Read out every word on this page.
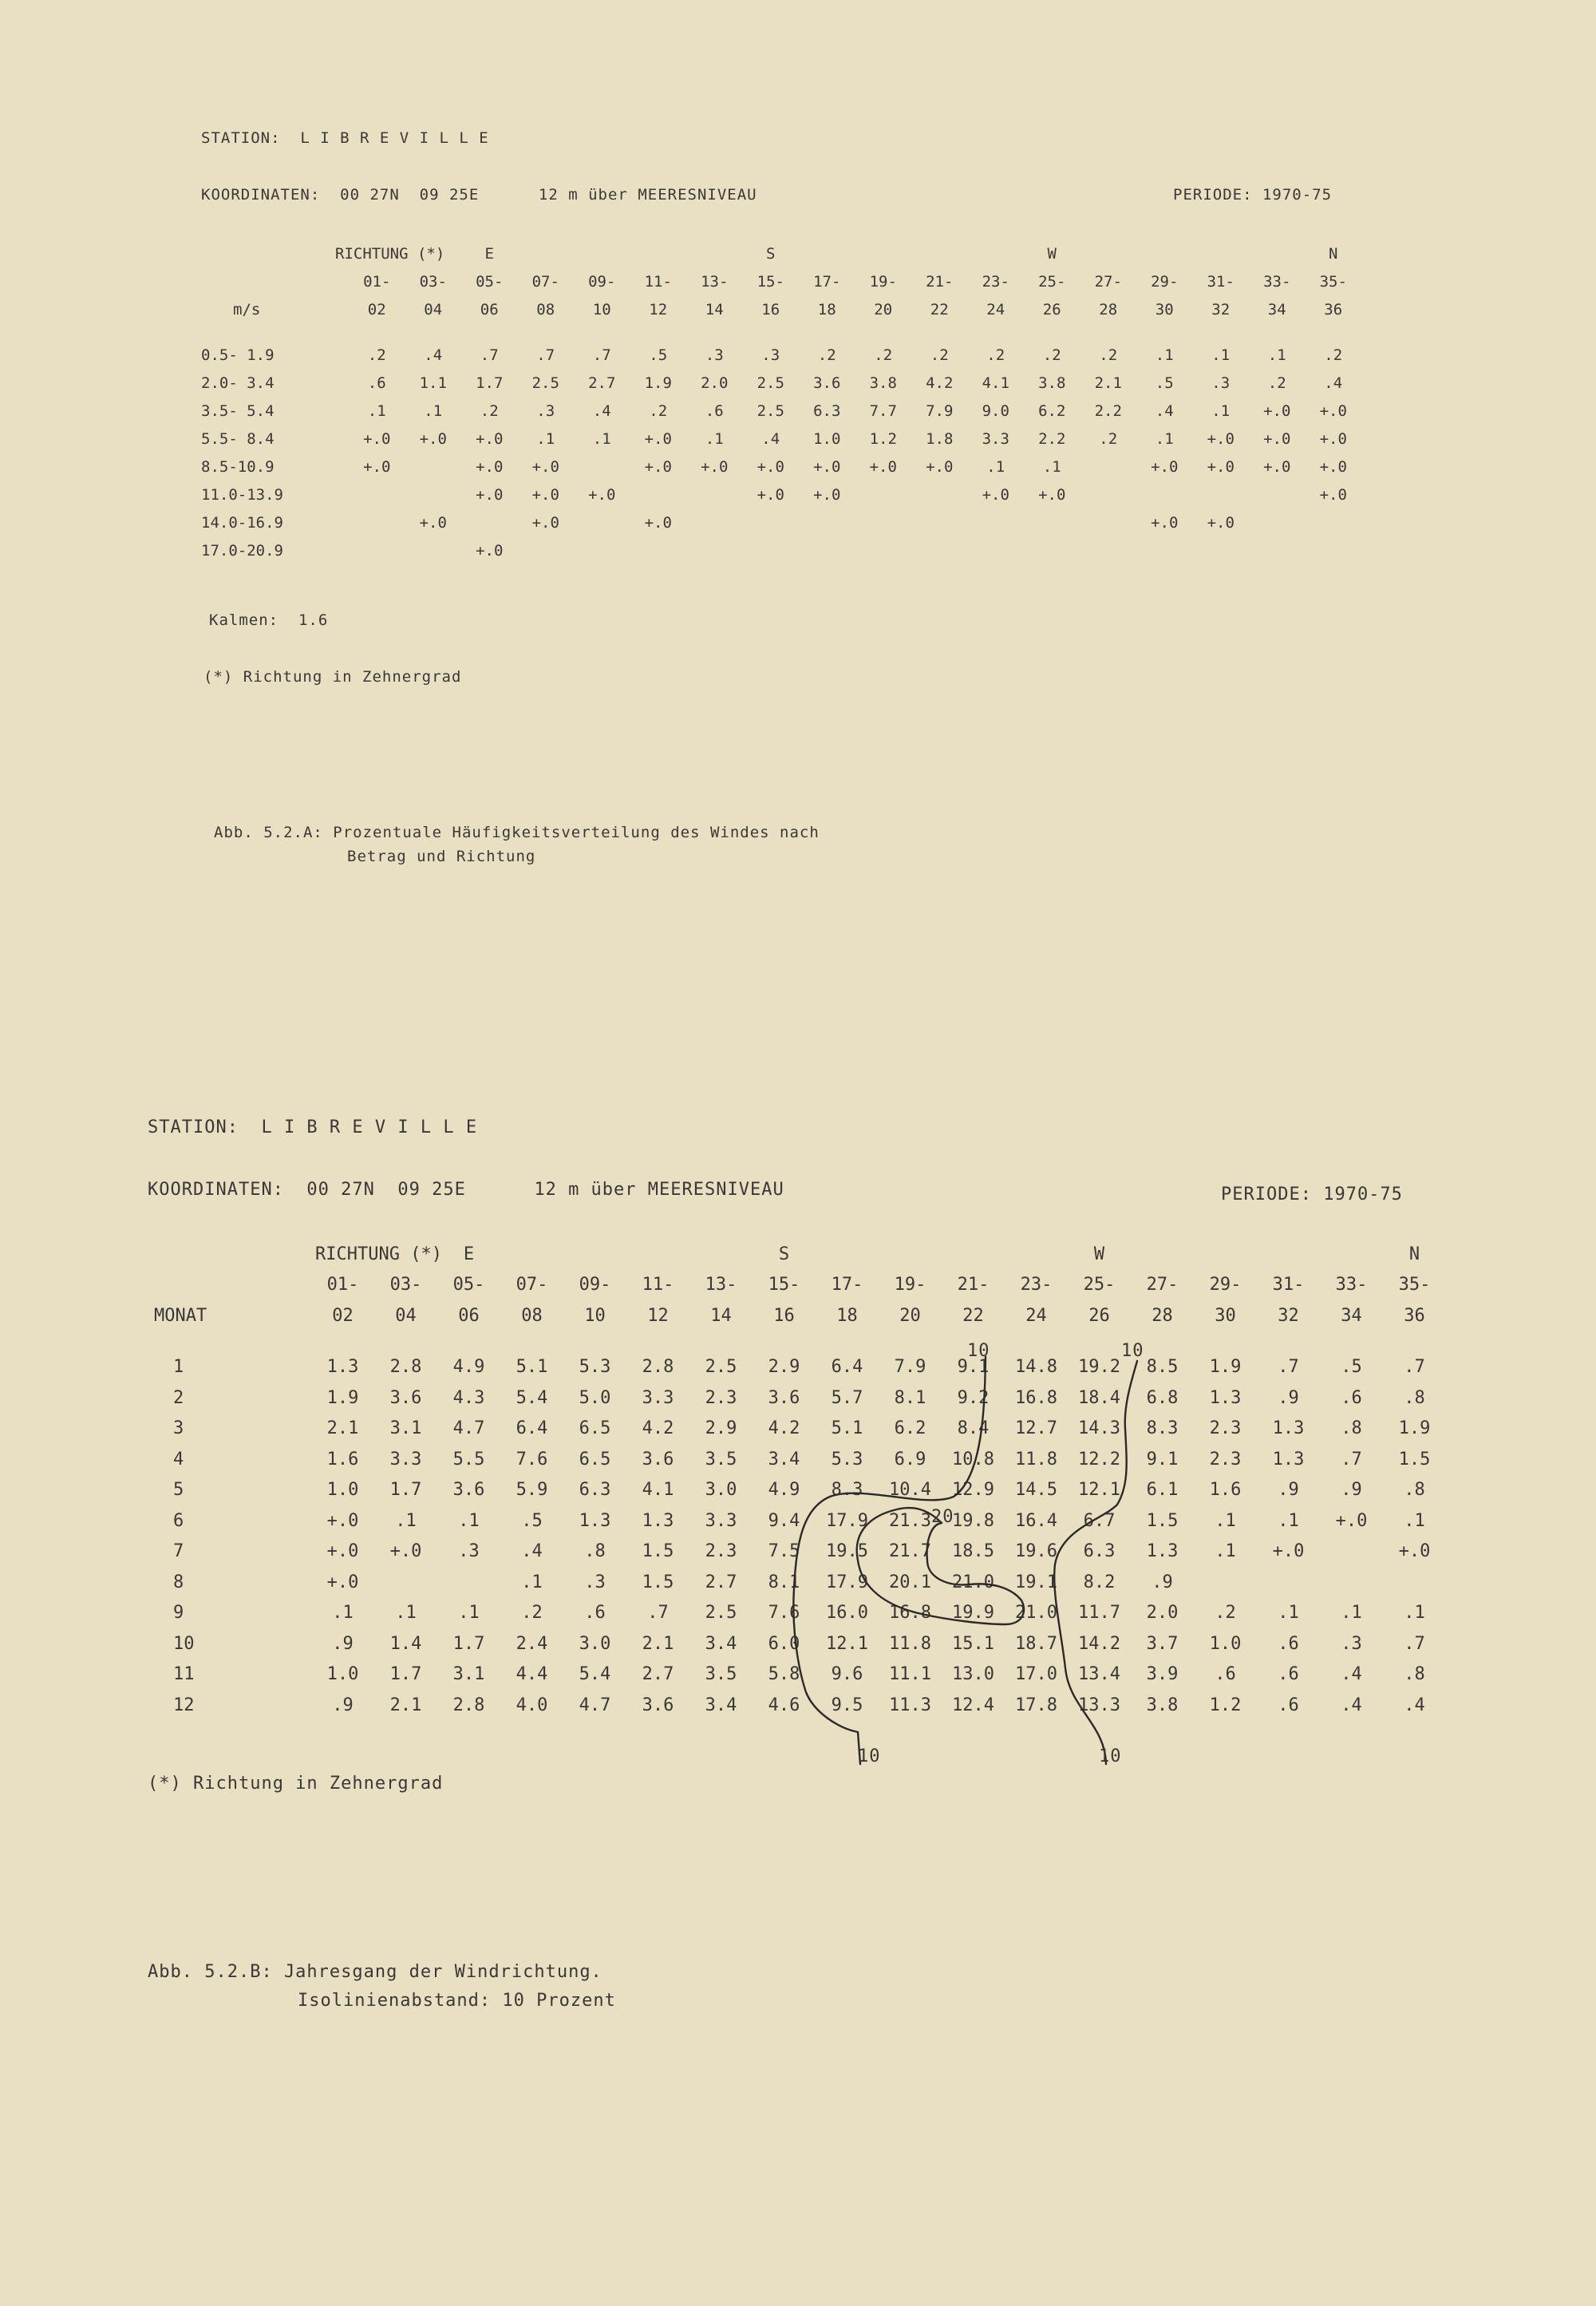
STATION:  L I B R E V I L L E
KOORDINATEN:  00 27N  09 25E      12 m über MEERESNIVEAU	PERIODE: 1970-75
RICHTUNG (*)			E					S					W					N
	01-	03-	05-	07-	09-	11-	13-	15-	17-	19-	21-	23-	25-	27-	29-	31-	33-	35-
m/s	02	04	06	08	10	12	14	16	18	20	22	24	26	28	30	32	34	36

0.5- 1.9	.2	.4	.7	.7	.7	.5	.3	.3	.2	.2	.2	.2	.2	.2	.1	.1	.1	.2
2.0- 3.4	.6	1.1	1.7	2.5	2.7	1.9	2.0	2.5	3.6	3.8	4.2	4.1	3.8	2.1	.5	.3	.2	.4
3.5- 5.4	.1	.1	.2	.3	.4	.2	.6	2.5	6.3	7.7	7.9	9.0	6.2	2.2	.4	.1	+.0	+.0
5.5- 8.4	+.0	+.0	+.0	.1	.1	+.0	.1	.4	1.0	1.2	1.8	3.3	2.2	.2	.1	+.0	+.0	+.0
8.5-10.9	+.0		+.0	+.0		+.0	+.0	+.0	+.0	+.0	+.0	.1	.1		+.0	+.0	+.0	+.0
11.0-13.9			+.0	+.0	+.0			+.0	+.0			+.0	+.0					+.0
14.0-16.9		+.0		+.0		+.0									+.0	+.0		
17.0-20.9			+.0															
Kalmen:  1.6
(*) Richtung in Zehnergrad
Abb. 5.2.A: Prozentuale Häufigkeitsverteilung des Windes nach
Betrag und Richtung
STATION:  L I B R E V I L L E
KOORDINATEN:  00 27N  09 25E      12 m über MEERESNIVEAU	PERIODE: 1970-75
RICHTUNG (*)			E					S					W					N
	01-	03-	05-	07-	09-	11-	13-	15-	17-	19-	21-	23-	25-	27-	29-	31-	33-	35-
MONAT	02	04	06	08	10	12	14	16	18	20	22	24	26	28	30	32	34	36

1	1.3	2.8	4.9	5.1	5.3	2.8	2.5	2.9	6.4	7.9	9.1	14.8	19.2	8.5	1.9	.7	.5	.7
2	1.9	3.6	4.3	5.4	5.0	3.3	2.3	3.6	5.7	8.1	9.2	16.8	18.4	6.8	1.3	.9	.6	.8
3	2.1	3.1	4.7	6.4	6.5	4.2	2.9	4.2	5.1	6.2	8.4	12.7	14.3	8.3	2.3	1.3	.8	1.9
4	1.6	3.3	5.5	7.6	6.5	3.6	3.5	3.4	5.3	6.9	10.8	11.8	12.2	9.1	2.3	1.3	.7	1.5
5	1.0	1.7	3.6	5.9	6.3	4.1	3.0	4.9	8.3	10.4	12.9	14.5	12.1	6.1	1.6	.9	.9	.8
6	+.0	.1	.1	.5	1.3	1.3	3.3	9.4	17.9	21.3	19.8	16.4	6.7	1.5	.1	.1	+.0	.1
7	+.0	+.0	.3	.4	.8	1.5	2.3	7.5	19.5	21.7	18.5	19.6	6.3	1.3	.1	+.0		+.0
8	+.0			.1	.3	1.5	2.7	8.1	17.9	20.1	21.0	19.1	8.2	.9				
9	.1	.1	.1	.2	.6	.7	2.5	7.6	16.0	16.8	19.9	21.0	11.7	2.0	.2	.1	.1	.1
10	.9	1.4	1.7	2.4	3.0	2.1	3.4	6.0	12.1	11.8	15.1	18.7	14.2	3.7	1.0	.6	.3	.7
11	1.0	1.7	3.1	4.4	5.4	2.7	3.5	5.8	9.6	11.1	13.0	17.0	13.4	3.9	.6	.6	.4	.8
12	.9	2.1	2.8	4.0	4.7	3.6	3.4	4.6	9.5	11.3	12.4	17.8	13.3	3.8	1.2	.6	.4	.4
10	10
20
10	10
(*) Richtung in Zehnergrad
Abb. 5.2.B: Jahresgang der Windrichtung.
Isolinienabstand: 10 Prozent
